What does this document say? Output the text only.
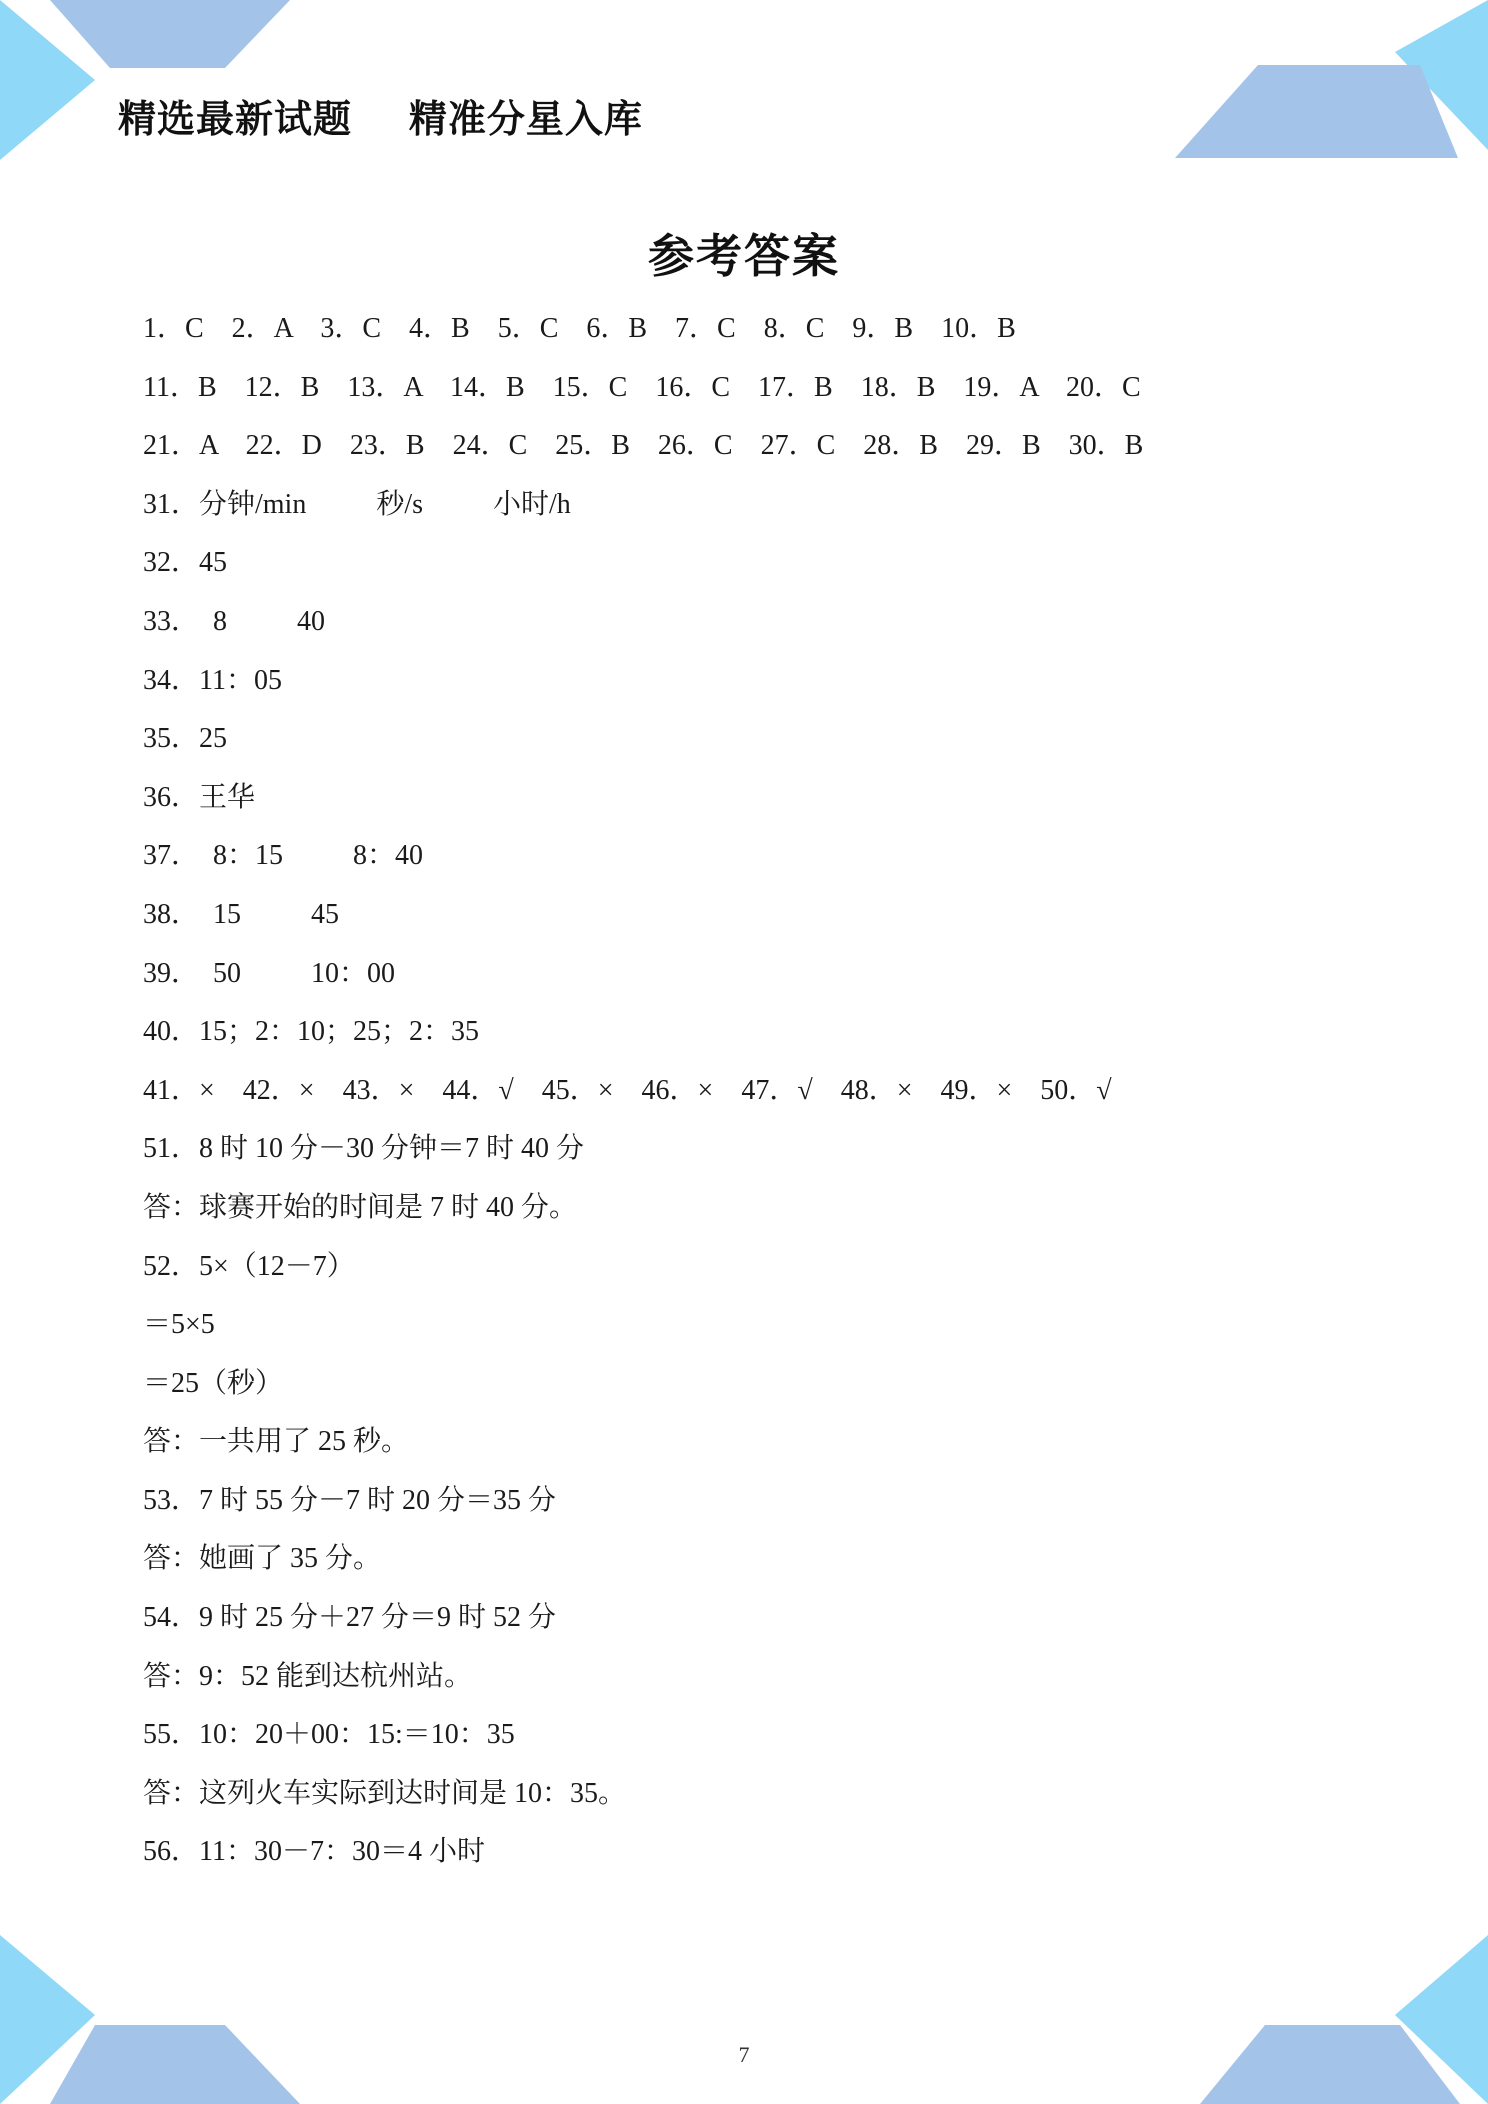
精选最新试题    精准分星入库
参考答案
1．C    2．A    3．C    4．B    5．C    6．B    7．C    8．C    9．B    10．B
11．B    12．B    13．A    14．B    15．C    16．C    17．B    18．B    19．A    20．C
21．A    22．D    23．B    24．C    25．B    26．C    27．C    28．B    29．B    30．B
31．分钟/min          秒/s          小时/h
32．45
33．  8          40
34．11：05
35．25
36．王华
37．  8：15          8：40
38．  15          45
39．  50          10：00
40．15；2：10；25；2：35
41．×    42．×    43．×    44．√    45．×    46．×    47．√    48．×    49．×    50．√
51．8 时 10 分－30 分钟＝7 时 40 分
答：球赛开始的时间是 7 时 40 分。
52．5×（12－7）
＝5×5
＝25（秒）
答：一共用了 25 秒。
53．7 时 55 分－7 时 20 分＝35 分
答：她画了 35 分。
54．9 时 25 分＋27 分＝9 时 52 分
答：9：52 能到达杭州站。
55．10：20＋00：15:＝10：35
答：这列火车实际到达时间是 10：35。
56．11：30－7：30＝4 小时
7
